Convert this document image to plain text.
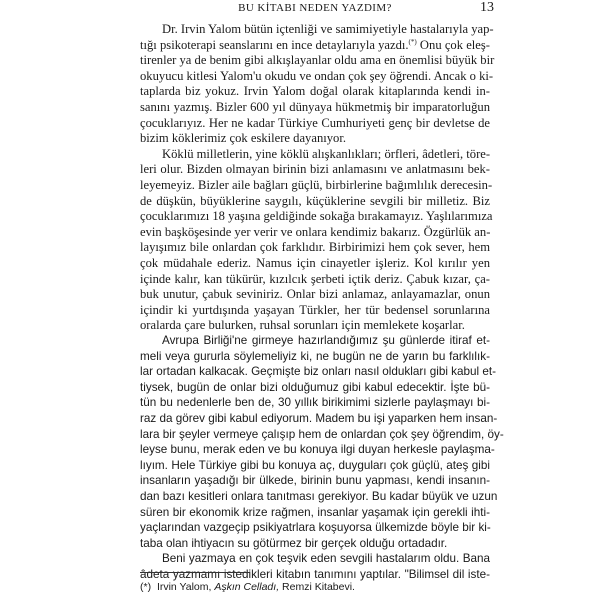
BU KİTABI NEDEN YAZDIM?	13

Dr. Irvin Yalom bütün içtenliği ve samimiyetiyle hastalarıyla yap-
tığı psikoterapi seanslarını en ince detaylarıyla yazdı.(*) Onu çok eleş-
tirenler ya de benim gibi alkışlayanlar oldu ama en önemlisi büyük bir
okuyucu kitlesi Yalom'u okudu ve ondan çok şey öğrendi. Ancak o ki-
taplarda biz yokuz. Irvin Yalom doğal olarak kitaplarında kendi in-
sanını yazmış. Bizler 600 yıl dünyaya hükmetmiş bir imparatorluğun
çocuklarıyız. Her ne kadar Türkiye Cumhuriyeti genç bir devletse de
bizim köklerimiz çok eskilere dayanıyor.

Köklü milletlerin, yine köklü alışkanlıkları; örfleri, âdetleri, töre-
leri olur. Bizden olmayan birinin bizi anlamasını ve anlatmasını bek-
leyemeyiz. Bizler aile bağları güçlü, birbirlerine bağımlılık derecesin-
de düşkün, büyüklerine saygılı, küçüklerine sevgili bir milletiz. Biz
çocuklarımızı 18 yaşına geldiğinde sokağa bırakamayız. Yaşlılarımıza
evin başköşesinde yer verir ve onlara kendimiz bakarız. Özgürlük an-
layışımız bile onlardan çok farklıdır. Birbirimizi hem çok sever, hem
çok müdahale ederiz. Namus için cinayetler işleriz. Kol kırılır yen
içinde kalır, kan tükürür, kızılcık şerbeti içtik deriz. Çabuk kızar, ça-
buk unutur, çabuk seviniriz. Onlar bizi anlamaz, anlayamazlar, onun
içindir ki yurtdışında yaşayan Türkler, her tür bedensel sorunlarına
oralarda çare bulurken, ruhsal sorunları için memlekete koşarlar.

Avrupa Birliği'ne girmeye hazırlandığımız şu günlerde itiraf et-
meli veya gururla söylemeliyiz ki, ne bugün ne de yarın bu farklılık-
lar ortadan kalkacak. Geçmişte biz onları nasıl oldukları gibi kabul et-
tiysek, bugün de onlar bizi olduğumuz gibi kabul edecektir. İşte bü-
tün bu nedenlerle ben de, 30 yıllık birikimimi sizlerle paylaşmayı bi-
raz da görev gibi kabul ediyorum. Madem bu işi yaparken hem insan-
lara bir şeyler vermeye çalışıp hem de onlardan çok şey öğrendim, öy-
leyse bunu, merak eden ve bu konuya ilgi duyan herkesle paylaşma-
lıyım. Hele Türkiye gibi bu konuya aç, duyguları çok güçlü, ateş gibi
insanların yaşadığı bir ülkede, birinin bunu yapması, kendi insanın-
dan bazı kesitleri onlara tanıtması gerekiyor. Bu kadar büyük ve uzun
süren bir ekonomik krize rağmen, insanlar yaşamak için gerekli ihti-
yaçlarından vazgeçip psikiyatrlara koşuyorsa ülkemizde böyle bir ki-
taba olan ihtiyacın su götürmez bir gerçek olduğu ortadadır.

Beni yazmaya en çok teşvik eden sevgili hastalarım oldu. Bana
âdeta yazmamı istedikleri kitabın tanımını yaptılar. "Bilimsel dil iste-

(*) Irvin Yalom, Aşkın Celladı, Remzi Kitabevi.
